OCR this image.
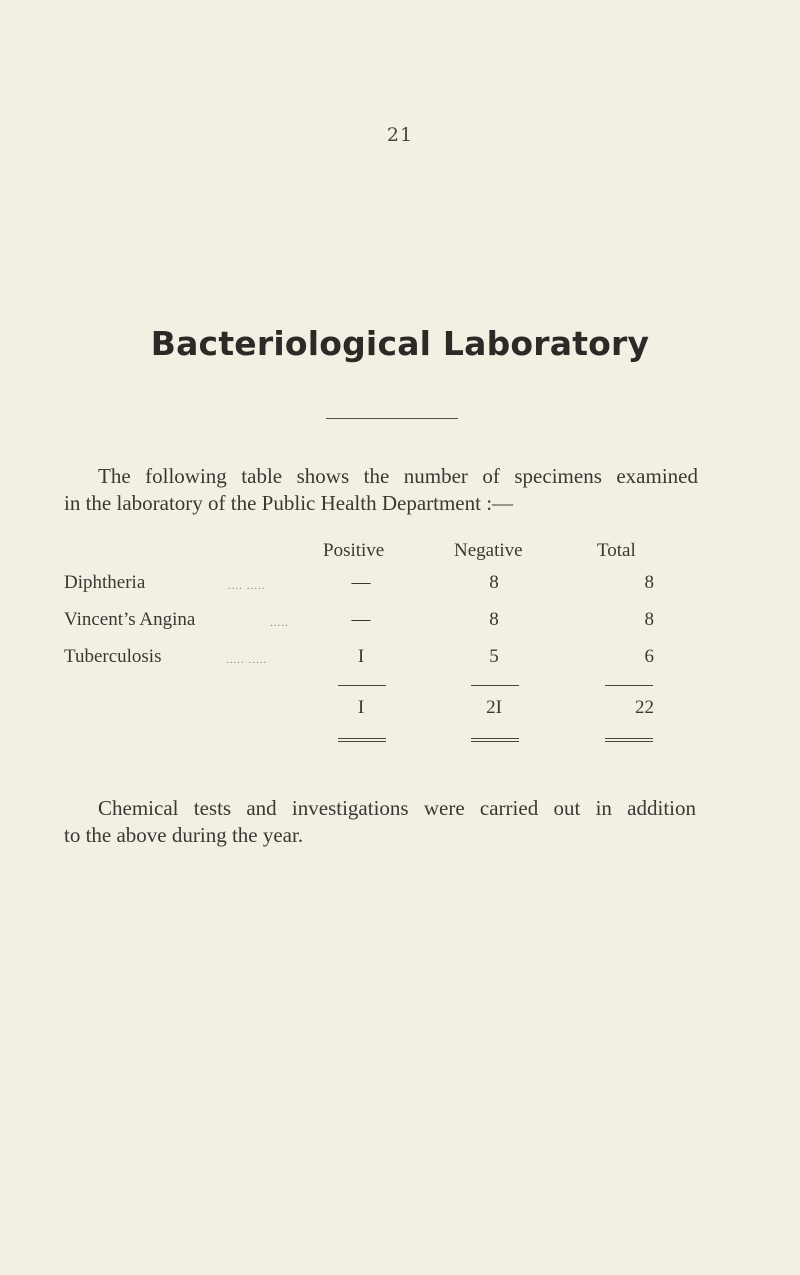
21
Bacteriological Laboratory
The following table shows the number of specimens examined
in the laboratory of the Public Health Department :—
Positive	Negative	Total
Diphtheria	.... .....	—	8	8
Vincent’s Angina	.....	—	8	8
Tuberculosis	..... .....	I	5	6
I	2I	22
Chemical tests and investigations were carried out in addition
to the above during the year.
